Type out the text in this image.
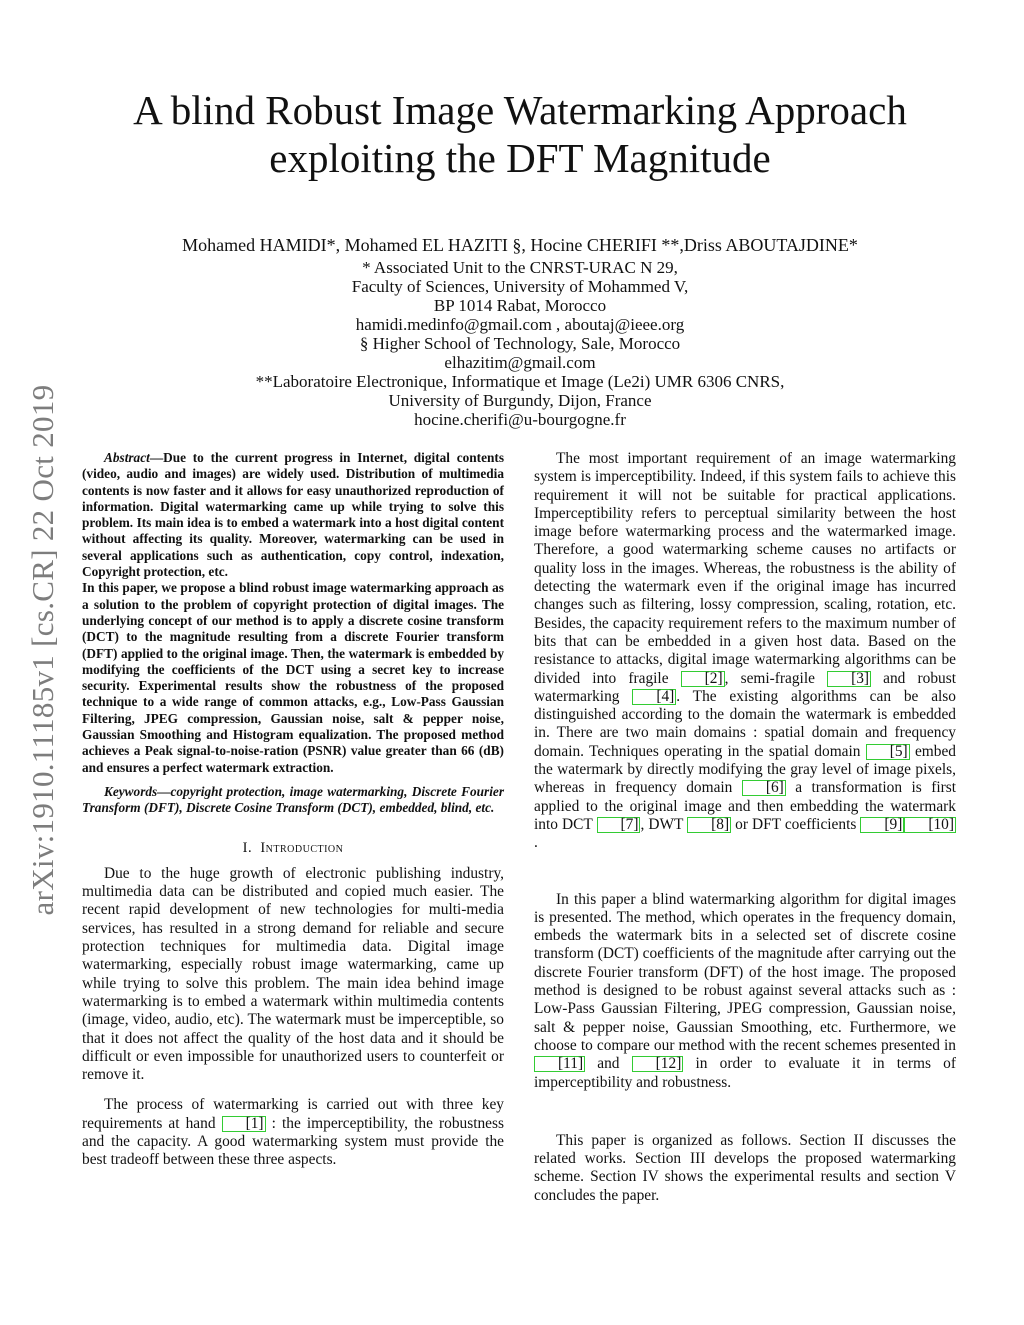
arXiv:1910.11185v1 [cs.CR] 22 Oct 2019
A blind Robust Image Watermarking Approach
exploiting the DFT Magnitude
Mohamed HAMIDI*, Mohamed EL HAZITI §, Hocine CHERIFI **,Driss ABOUTAJDINE*
* Associated Unit to the CNRST-URAC N 29,
Faculty of Sciences, University of Mohammed V,
BP 1014 Rabat, Morocco
hamidi.medinfo@gmail.com , aboutaj@ieee.org
§ Higher School of Technology, Sale, Morocco
elhazitim@gmail.com
**Laboratoire Electronique, Informatique et Image (Le2i) UMR 6306 CNRS,
University of Burgundy, Dijon, France
hocine.cherifi@u-bourgogne.fr

Abstract—Due to the current progress in Internet, digital contents (video, audio and images) are widely used. Distribution of multimedia contents is now faster and it allows for easy unauthorized reproduction of information. Digital watermarking came up while trying to solve this problem. Its main idea is to embed a watermark into a host digital content without affecting its quality. Moreover, watermarking can be used in several applications such as authentication, copy control, indexation, Copyright protection, etc.

In this paper, we propose a blind robust image watermarking approach as a solution to the problem of copyright protection of digital images. The underlying concept of our method is to apply a discrete cosine transform (DCT) to the magnitude resulting from a discrete Fourier transform (DFT) applied to the original image. Then, the watermark is embedded by modifying the coefficients of the DCT using a secret key to increase security. Experimental results show the robustness of the proposed technique to a wide range of common attacks, e.g., Low-Pass Gaussian Filtering, JPEG compression, Gaussian noise, salt & pepper noise, Gaussian Smoothing and Histogram equalization. The proposed method achieves a Peak signal-to-noise-ration (PSNR) value greater than 66 (dB) and ensures a perfect watermark extraction.

Keywords—copyright protection, image watermarking, Discrete Fourier Transform (DFT), Discrete Cosine Transform (DCT), embedded, blind, etc.

I. Introduction

Due to the huge growth of electronic publishing industry, multimedia data can be distributed and copied much easier. The recent rapid development of new technologies for multi-media services, has resulted in a strong demand for reliable and secure protection techniques for multimedia data. Digital image watermarking, especially robust image watermarking, came up while trying to solve this problem. The main idea behind image watermarking is to embed a watermark within multimedia contents (image, video, audio, etc). The watermark must be imperceptible, so that it does not affect the quality of the host data and it should be difficult or even impossible for unauthorized users to counterfeit or remove it.

The process of watermarking is carried out with three key requirements at hand [1] : the imperceptibility, the robustness and the capacity. A good watermarking system must provide the best tradeoff between these three aspects.

The most important requirement of an image watermarking system is imperceptibility. Indeed, if this system fails to achieve this requirement it will not be suitable for practical applications. Imperceptibility refers to perceptual similarity between the host image before watermarking process and the watermarked image. Therefore, a good watermarking scheme causes no artifacts or quality loss in the images. Whereas, the robustness is the ability of detecting the watermark even if the original image has incurred changes such as filtering, lossy compression, scaling, rotation, etc. Besides, the capacity requirement refers to the maximum number of bits that can be embedded in a given host data. Based on the resistance to attacks, digital image watermarking algorithms can be divided into fragile [2] , semi-fragile [3] and robust watermarking [4] . The existing algorithms can be also distinguished according to the domain the watermark is embedded in. There are two main domains : spatial domain and frequency domain. Techniques operating in the spatial domain [5] embed the watermark by directly modifying the gray level of image pixels, whereas in frequency domain [6] a transformation is first applied to the original image and then embedding the watermark into DCT [7] , DWT [8] or DFT coefficients [9] [10] .

In this paper a blind watermarking algorithm for digital images is presented. The method, which operates in the frequency domain, embeds the watermark bits in a selected set of discrete cosine transform (DCT) coefficients of the magnitude after carrying out the discrete Fourier transform (DFT) of the host image. The proposed method is designed to be robust against several attacks such as : Low-Pass Gaussian Filtering, JPEG compression, Gaussian noise, salt & pepper noise, Gaussian Smoothing, etc. Furthermore, we choose to compare our method with the recent schemes presented in [11] and [12] in order to evaluate it in terms of imperceptibility and robustness.

This paper is organized as follows. Section II discusses the related works. Section III develops the proposed watermarking scheme. Section IV shows the experimental results and section V concludes the paper.
